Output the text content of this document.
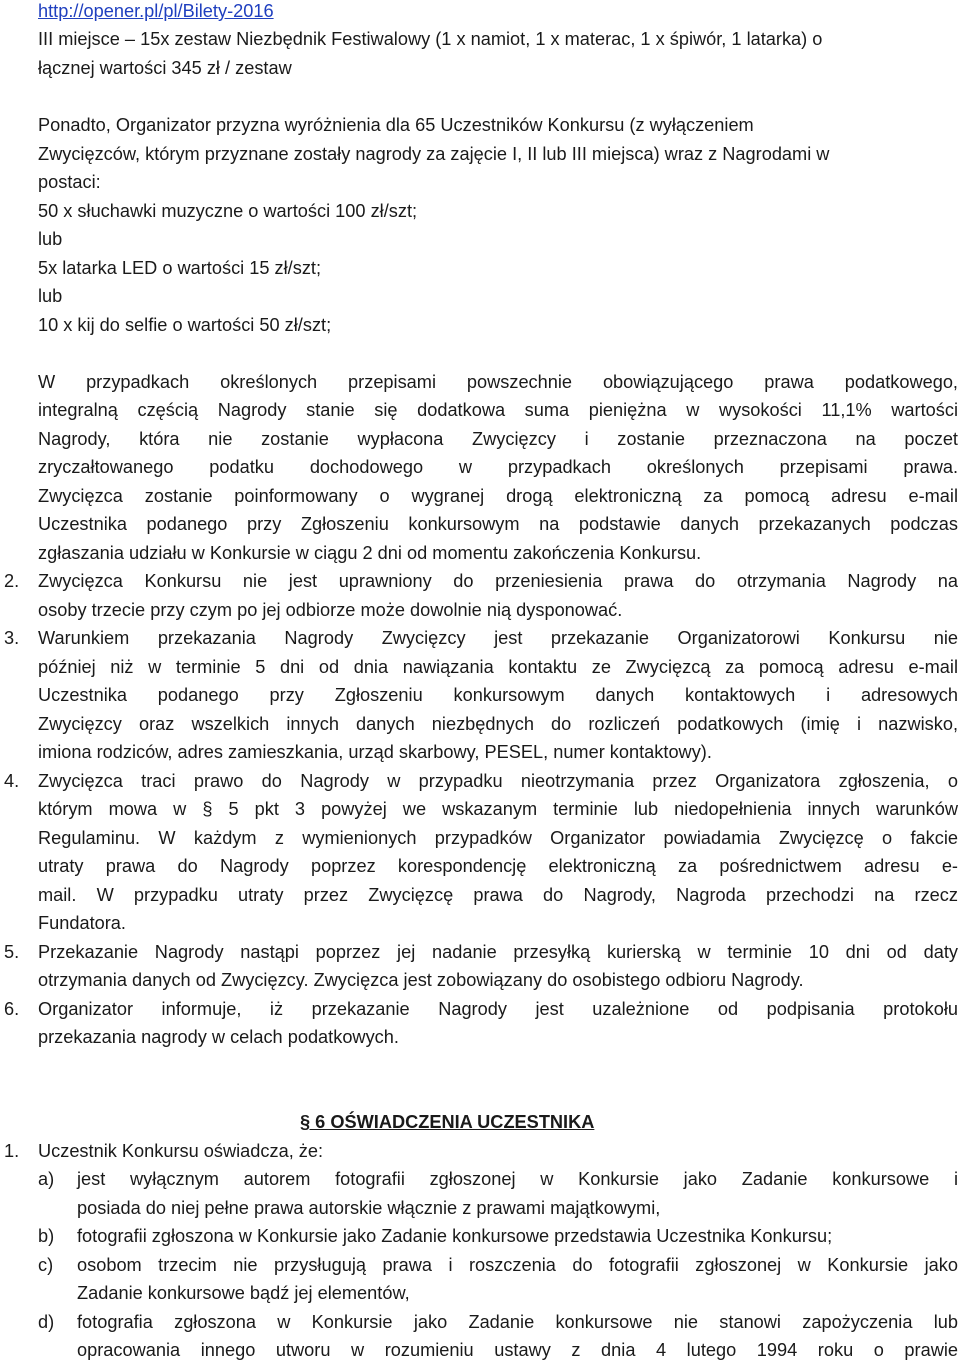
http://opener.pl/pl/Bilety-2016
III miejsce – 15x zestaw Niezbędnik Festiwalowy (1 x namiot, 1 x materac, 1 x śpiwór, 1 latarka) o
łącznej wartości 345 zł / zestaw
Ponadto, Organizator przyzna wyróżnienia dla 65 Uczestników Konkursu (z wyłączeniem
Zwycięzców, którym przyznane zostały nagrody za zajęcie I, II lub III miejsca) wraz z Nagrodami w
postaci:
50 x słuchawki muzyczne o wartości 100 zł/szt;
lub
5x latarka LED o wartości 15 zł/szt;
lub
10 x kij do selfie o wartości 50 zł/szt;
W przypadkach określonych przepisami powszechnie obowiązującego prawa podatkowego,
integralną częścią Nagrody stanie się dodatkowa suma pieniężna w wysokości 11,1% wartości
Nagrody, która nie zostanie wypłacona Zwycięzcy i zostanie przeznaczona na poczet
zryczałtowanego podatku dochodowego w przypadkach określonych przepisami prawa.
Zwycięzca zostanie poinformowany o wygranej drogą elektroniczną za pomocą adresu e-mail
Uczestnika podanego przy Zgłoszeniu konkursowym na podstawie danych przekazanych podczas
zgłaszania udziału w Konkursie w ciągu 2 dni od momentu zakończenia Konkursu.
2. Zwycięzca Konkursu nie jest uprawniony do przeniesienia prawa do otrzymania Nagrody na
osoby trzecie przy czym po jej odbiorze może dowolnie nią dysponować.
3. Warunkiem przekazania Nagrody Zwycięzcy jest przekazanie Organizatorowi Konkursu nie
później niż w terminie 5 dni od dnia nawiązania kontaktu ze Zwycięzcą za pomocą adresu e-mail
Uczestnika podanego przy Zgłoszeniu konkursowym danych kontaktowych i adresowych
Zwycięzcy oraz wszelkich innych danych niezbędnych do rozliczeń podatkowych (imię i nazwisko,
imiona rodziców, adres zamieszkania, urząd skarbowy, PESEL, numer kontaktowy).
4. Zwycięzca traci prawo do Nagrody w przypadku nieotrzymania przez Organizatora zgłoszenia, o
którym mowa w § 5 pkt 3 powyżej we wskazanym terminie lub niedopełnienia innych warunków
Regulaminu. W każdym z wymienionych przypadków Organizator powiadamia Zwycięzcę o fakcie
utraty prawa do Nagrody poprzez korespondencję elektroniczną za pośrednictwem adresu e-
mail. W przypadku utraty przez Zwycięzcę prawa do Nagrody, Nagroda przechodzi na rzecz
Fundatora.
5. Przekazanie Nagrody nastąpi poprzez jej nadanie przesyłką kurierską w terminie 10 dni od daty
otrzymania danych od Zwycięzcy. Zwycięzca jest zobowiązany do osobistego odbioru Nagrody.
6. Organizator informuje, iż przekazanie Nagrody jest uzależnione od podpisania protokołu
przekazania nagrody w celach podatkowych.
§ 6 OŚWIADCZENIA UCZESTNIKA
1. Uczestnik Konkursu oświadcza, że:
a) jest wyłącznym autorem fotografii zgłoszonej w Konkursie jako Zadanie konkursowe i
posiada do niej pełne prawa autorskie włącznie z prawami majątkowymi,
b) fotografii zgłoszona w Konkursie jako Zadanie konkursowe przedstawia Uczestnika Konkursu;
c) osobom trzecim nie przysługują prawa i roszczenia do fotografii zgłoszonej w Konkursie jako
Zadanie konkursowe bądź jej elementów,
d) fotografia zgłoszona w Konkursie jako Zadanie konkursowe nie stanowi zapożyczenia lub
opracowania innego utworu w rozumieniu ustawy z dnia 4 lutego 1994 roku o prawie
